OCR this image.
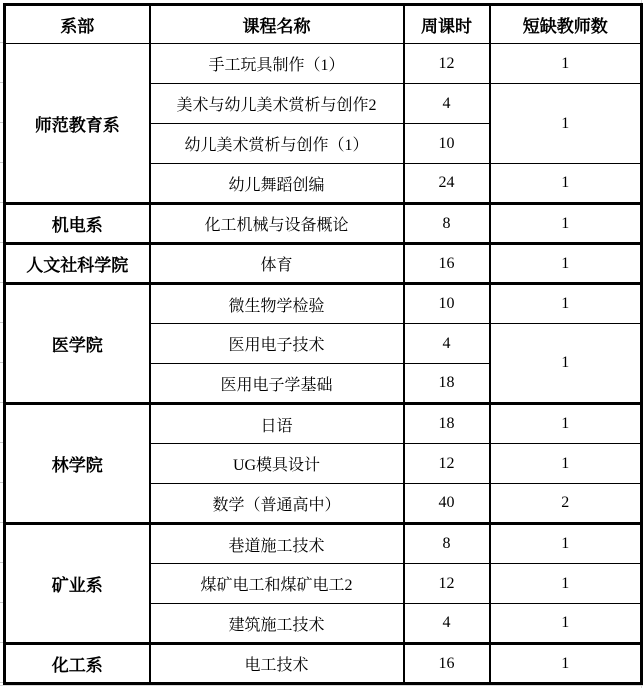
系部	课程名称	周课时	短缺教师数
师范教育系	手工玩具制作（1）	12	1
	美术与幼儿美术赏析与创作2	4	1
	幼儿美术赏析与创作（1）	10	
	幼儿舞蹈创编	24	1
机电系	化工机械与设备概论	8	1
人文社科学院	体育	16	1
医学院	微生物学检验	10	1
	医用电子技术	4	1
	医用电子学基础	18	
林学院	日语	18	1
	UG模具设计	12	1
	数学（普通高中）	40	2
矿业系	巷道施工技术	8	1
	煤矿电工和煤矿电工2	12	1
	建筑施工技术	4	1
化工系	电工技术	16	1
